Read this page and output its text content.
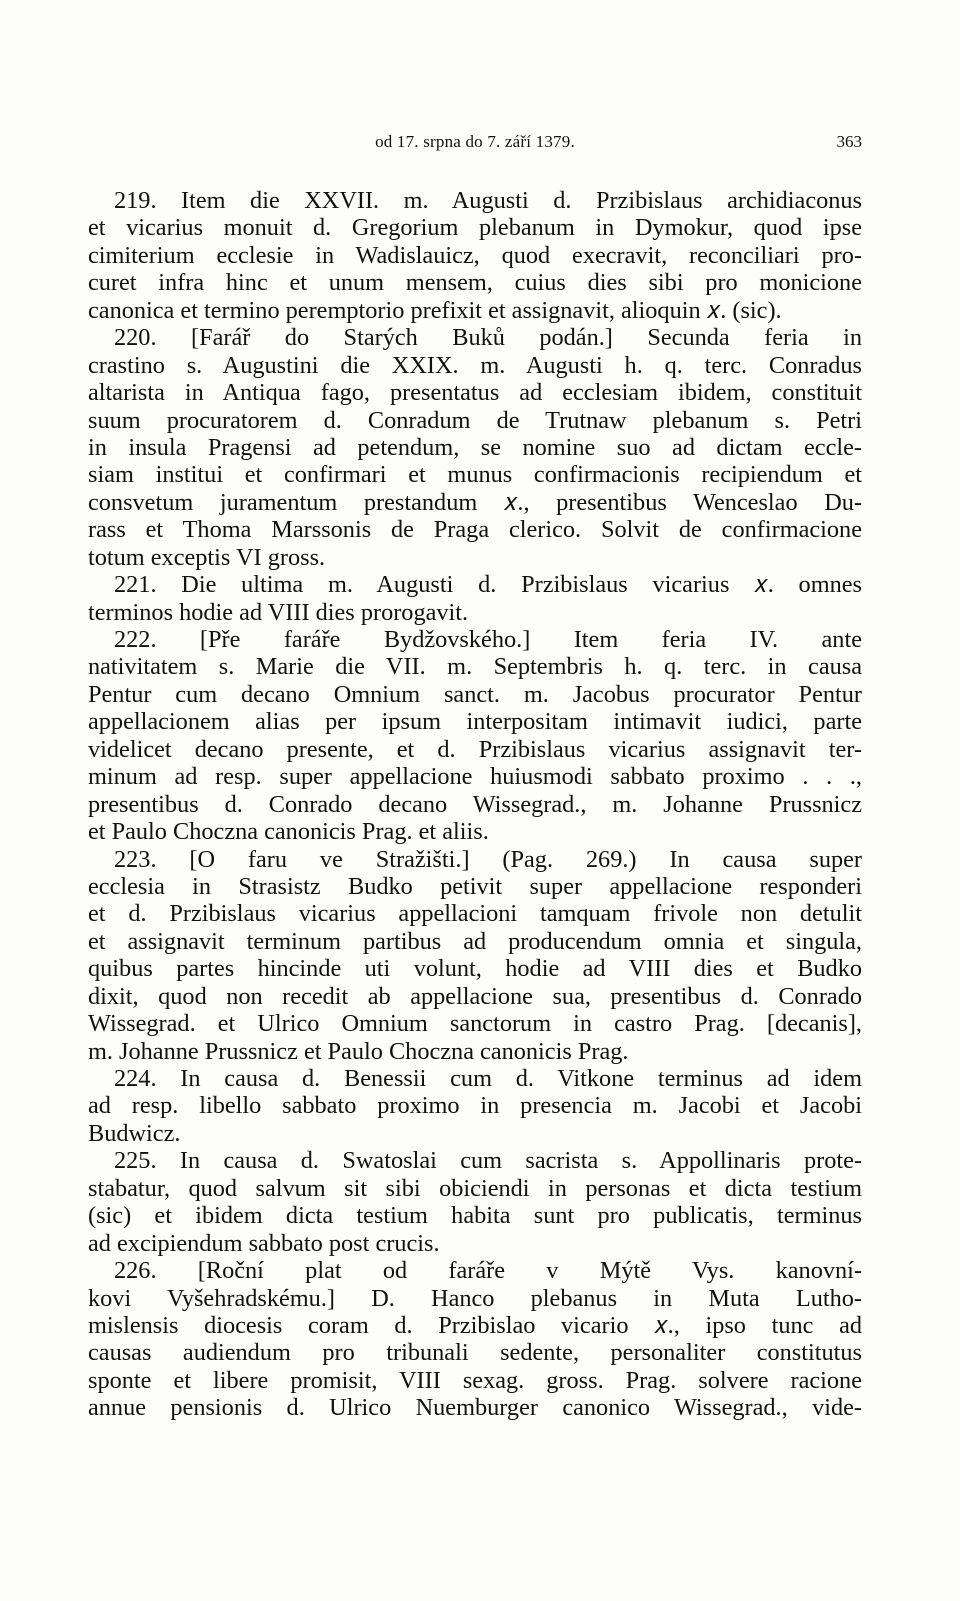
od 17. srpna do 7. září 1379.	363
219. Item die XXVII. m. Augusti d. Przibislaus archidiaconus
et vicarius monuit d. Gregorium plebanum in Dymokur, quod ipse
cimiterium ecclesie in Wadislauicz, quod execravit, reconciliari pro-
curet infra hinc et unum mensem, cuius dies sibi pro monicione
canonica et termino peremptorio prefixit et assignavit, alioquin 𝑥. (sic).
220. [Farář do Starých Buků podán.] Secunda feria in
crastino s. Augustini die XXIX. m. Augusti h. q. terc. Conradus
altarista in Antiqua fago, presentatus ad ecclesiam ibidem, constituit
suum procuratorem d. Conradum de Trutnaw plebanum s. Petri
in insula Pragensi ad petendum, se nomine suo ad dictam eccle-
siam institui et confirmari et munus confirmacionis recipiendum et
consvetum juramentum prestandum 𝑥., presentibus Wenceslao Du-
rass et Thoma Marssonis de Praga clerico. Solvit de confirmacione
totum exceptis VI gross.
221. Die ultima m. Augusti d. Przibislaus vicarius 𝑥. omnes
terminos hodie ad VIII dies prorogavit.
222. [Pře faráře Bydžovského.] Item feria IV. ante
nativitatem s. Marie die VII. m. Septembris h. q. terc. in causa
Pentur cum decano Omnium sanct. m. Jacobus procurator Pentur
appellacionem alias per ipsum interpositam intimavit iudici, parte
videlicet decano presente, et d. Przibislaus vicarius assignavit ter-
minum ad resp. super appellacione huiusmodi sabbato proximo . . .,
presentibus d. Conrado decano Wissegrad., m. Johanne Prussnicz
et Paulo Choczna canonicis Prag. et aliis.
223. [O faru ve Stražišti.] (Pag. 269.) In causa super
ecclesia in Strasistz Budko petivit super appellacione responderi
et d. Przibislaus vicarius appellacioni tamquam frivole non detulit
et assignavit terminum partibus ad producendum omnia et singula,
quibus partes hincinde uti volunt, hodie ad VIII dies et Budko
dixit, quod non recedit ab appellacione sua, presentibus d. Conrado
Wissegrad. et Ulrico Omnium sanctorum in castro Prag. [decanis],
m. Johanne Prussnicz et Paulo Choczna canonicis Prag.
224. In causa d. Benessii cum d. Vitkone terminus ad idem
ad resp. libello sabbato proximo in presencia m. Jacobi et Jacobi
Budwicz.
225. In causa d. Swatoslai cum sacrista s. Appollinaris prote-
stabatur, quod salvum sit sibi obiciendi in personas et dicta testium
(sic) et ibidem dicta testium habita sunt pro publicatis, terminus
ad excipiendum sabbato post crucis.
226. [Roční plat od faráře v Mýtě Vys. kanovní-
kovi Vyšehradskému.] D. Hanco plebanus in Muta Lutho-
mislensis diocesis coram d. Przibislao vicario 𝑥., ipso tunc ad
causas audiendum pro tribunali sedente, personaliter constitutus
sponte et libere promisit, VIII sexag. gross. Prag. solvere racione
annue pensionis d. Ulrico Nuemburger canonico Wissegrad., vide-
